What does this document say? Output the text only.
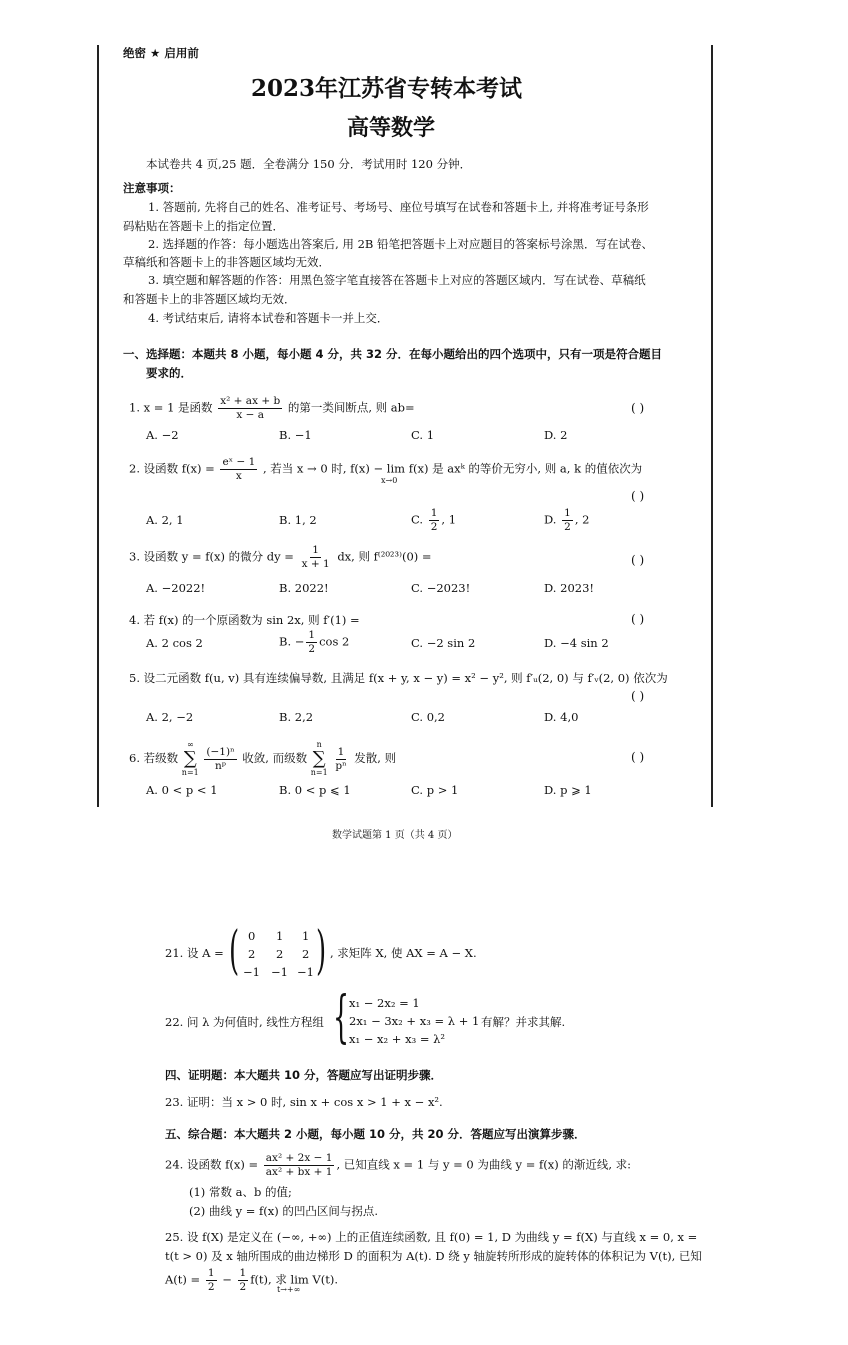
绝密 ★ 启用前
2023年江苏省专转本考试
高等数学
本试卷共 4 页,25 题．全卷满分 150 分．考试用时 120 分钟．
注意事项：
1. 答题前, 先将自己的姓名、准考证号、考场号、座位号填写在试卷和答题卡上, 并将准考证号条形
码粘贴在答题卡上的指定位置．
2. 选择题的作答：每小题选出答案后, 用 2B 铅笔把答题卡上对应题目的答案标号涂黑．写在试卷、
草稿纸和答题卡上的非答题区域均无效．
3. 填空题和解答题的作答：用黑色签字笔直接答在答题卡上对应的答题区域内．写在试卷、草稿纸
和答题卡上的非答题区域均无效．
4. 考试结束后, 请将本试卷和答题卡一并上交．
一、选择题：本题共 8 小题，每小题 4 分，共 32 分．在每小题给出的四个选项中，只有一项是符合题目
要求的．
1. x = 1 是函数 $\frac{\text{x² + ax + b}}{x - a}$ 的第一类间断点, 则 ab=	( )
A. −2	B. −1	C. 1	D. 2
2. 设函数 $f(x) = \frac{\text{eˣ − 1}}{x}$ , 若当 x → 0 时, f(x) − lim f(x) 是 axᵏ 的等价无穷小, 则 a, k 的值依次为
x→0
( )
A. 2, 1	B. 1, 2	C. $\frac{1}{2}$ , 1	D. $\frac{1}{2}$ , 2
3. 设函数 y = f(x) 的微分 dy = $\frac{1}{x + 1}$ dx, 则 f⁽²⁰²³⁾(0) =	( )
A. −2022!	B. 2022!	C. −2023!	D. 2023!
4. 若 f(x) 的一个原函数为 sin 2x, 则 f′(1) =	( )
A. 2 cos 2	B. − $\frac{1}{2}$ cos 2	C. −2 sin 2	D. −4 sin 2
5. 设二元函数 f(u, v) 具有连续偏导数, 且满足 f(x + y, x − y) = x² − y², 则 f′ᵤ(2, 0) 与 f′ᵥ(2, 0) 依次为
( )
A. 2, −2	B. 2,2	C. 0,2	D. 4,0
6. 若级数
∞
∑
n=1
$\frac{\text{(−1)ⁿ}}{\text{nᵖ}}$ 收敛, 而级数
n
∑
n=1
$\frac{1}{\text{pⁿ}}$ 发散, 则	( )
A. 0 < p < 1	B. 0 < p ⩽ 1	C. p > 1	D. p ⩾ 1
数学试题第 1 页（共 4 页）
21. 设 A = ( 0 1 1
2 2 2
−1 −1 −1 ) , 求矩阵 X, 使 AX = A − X.
22. 问 λ 为何值时, 线性方程组 { x₁ − 2x₂ = 1
2x₁ − 3x₂ + x₃ = λ + 1
x₁ − x₂ + x₃ = λ²
有解？并求其解.
四、证明题：本大题共 10 分，答题应写出证明步骤．
23. 证明：当 x > 0 时, sin x + cos x > 1 + x − x².
五、综合题：本大题共 2 小题，每小题 10 分，共 20 分．答题应写出演算步骤．
24. 设函数 $f(x) = \frac{\text{ax² + 2x − 1}}{\text{ax² + bx + 1}}$ , 已知直线 x = 1 与 y = 0 为曲线 y = f(x) 的渐近线, 求:
(1) 常数 a、b 的值;
(2) 曲线 y = f(x) 的凹凸区间与拐点.
25. 设 f(X) 是定义在 (−∞, +∞) 上的正值连续函数, 且 f(0) = 1, D 为曲线 y = f(X) 与直线 x = 0, x =
t(t > 0) 及 x 轴所围成的曲边梯形 D 的面积为 A(t). D 绕 y 轴旋转所形成的旋转体的体积记为 V(t), 已知
$A(t) = \frac{1}{2} - \frac{1}{2} f(t)$, 求 lim V(t).
t→+∞
